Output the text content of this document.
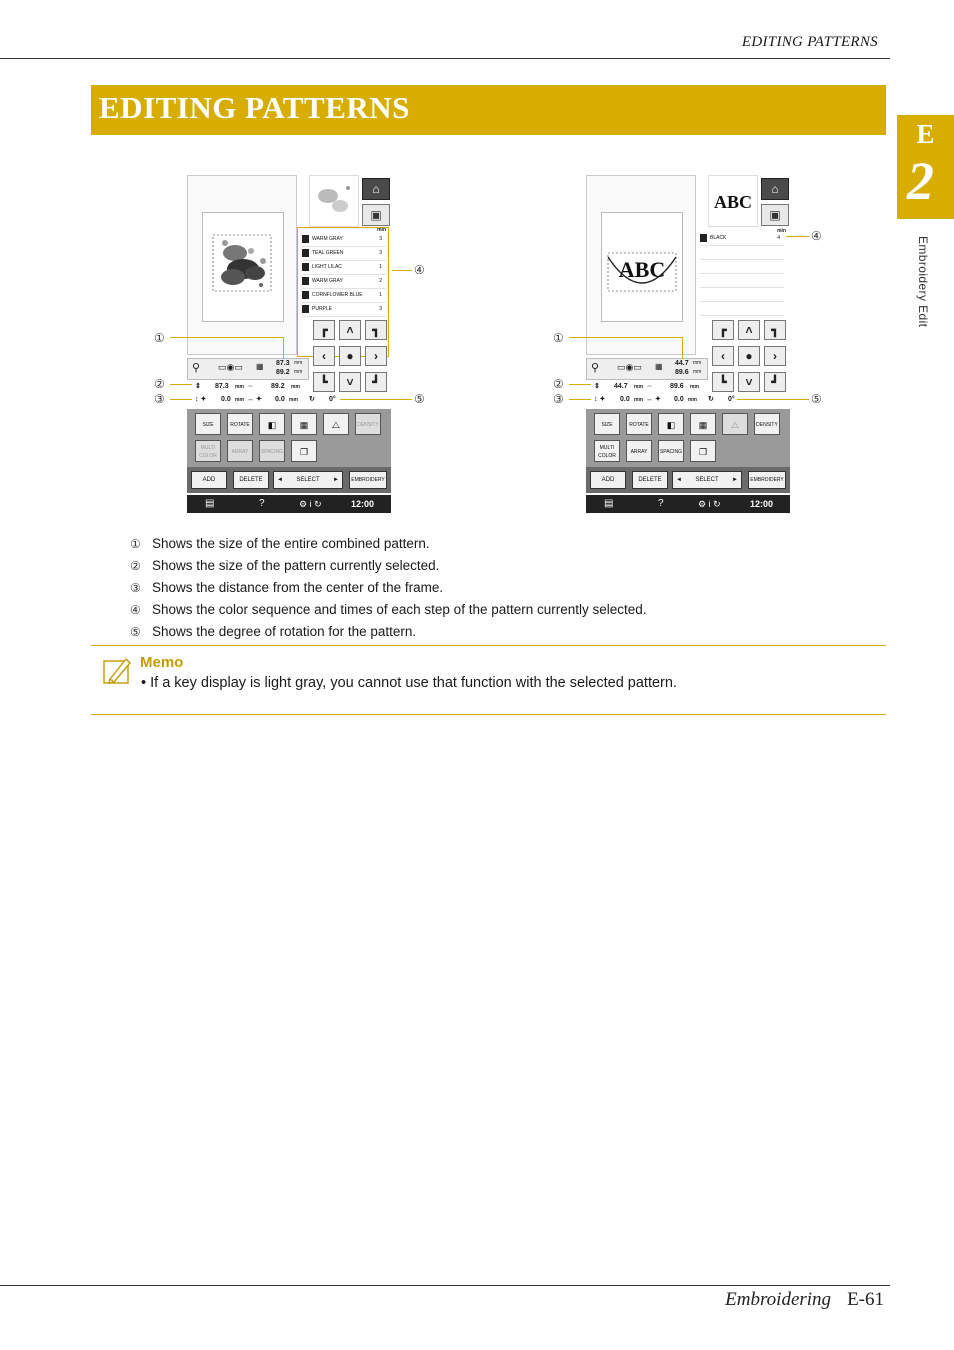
EDITING PATTERNS
EDITING PATTERNS
E
2
Embroidery Edit
⌂
▣
min
WARM GRAY	3
TEAL GREEN	3
LIGHT LILAC	1
WARM GRAY	2
CORNFLOWER BLUE	1
PURPLE	3
┏	˄	┓
‹	●	›
┗	˅	┛
⚲ ▭◉▭ ▦ 87.3
89.2
mm
mm
⇕ 87.3 mm ⇔ 89.2 mm
↕ ✦ 0.0 mm ↔ ✦ 0.0 mm ↻ 0°
SIZE	ROTATE	◧	▦	⧍	DENSITY
MULTI COLOR
ARRAY	SPACING	❐
ADD	DELETE	◄ SELECT ►	EMBROIDERY
▤	?	⚙ i ↻	12:00
ABC
ABC
⌂
▣
min
BLACK	4
┏	˄	┓
‹	●	›
┗	˅	┛
⚲ ▭◉▭ ▦ 44.7
89.6
mm
mm
⇕ 44.7 mm ⇔ 89.6 mm
↕ ✦ 0.0 mm ↔ ✦ 0.0 mm ↻ 0°
SIZE	ROTATE	◧	▦	⧍	DENSITY
MULTI COLOR
ARRAY	SPACING	❐
ADD	DELETE	◄ SELECT ►	EMBROIDERY
▤	?	⚙ i ↻	12:00
①
②
③
④
⑤
①
②
③
④
⑤
① Shows the size of the entire combined pattern.
② Shows the size of the pattern currently selected.
③ Shows the distance from the center of the frame.
④ Shows the color sequence and times of each step of the pattern currently selected.
⑤ Shows the degree of rotation for the pattern.
Memo
• If a key display is light gray, you cannot use that function with the selected pattern.
Embroidering E-61
